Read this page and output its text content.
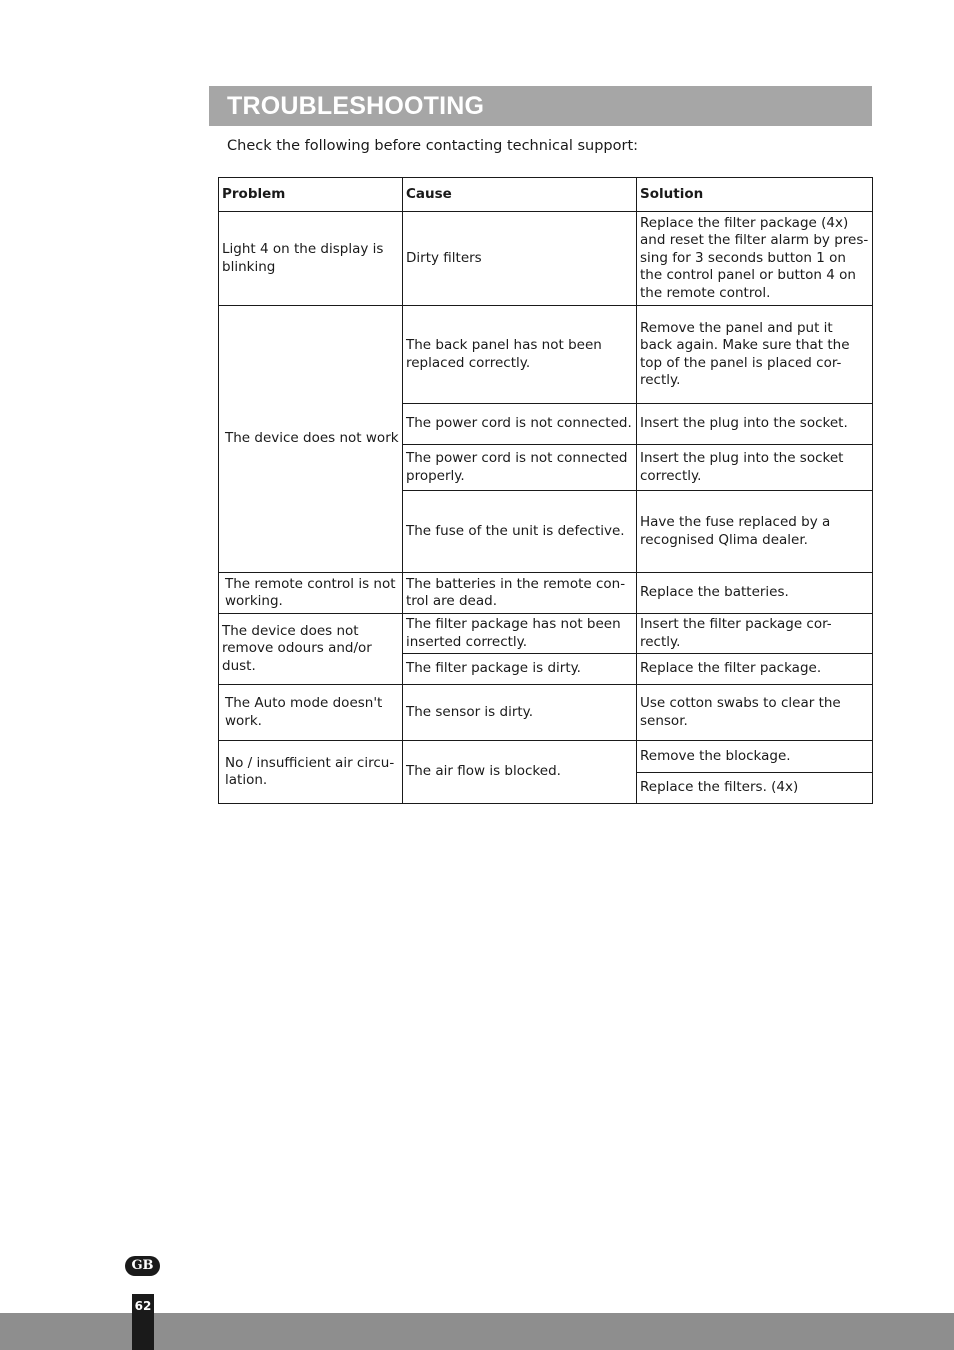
TROUBLESHOOTING

Check the following before contacting technical support:

Problem	Cause	Solution
Light 4 on the display is blinking	Dirty filters	Replace the filter package (4x) and reset the filter alarm by pres-sing for 3 seconds button 1 on the control panel or button 4 on the remote control.
The device does not work	The back panel has not been replaced correctly.	Remove the panel and put it back again. Make sure that the top of the panel is placed cor-rectly.
	The power cord is not connected.	Insert the plug into the socket.
	The power cord is not connected properly.	Insert the plug into the socket correctly.
	The fuse of the unit is defective.	Have the fuse replaced by a recognised Qlima dealer.
The remote control is not working.	The batteries in the remote con-trol are dead.	Replace the batteries.
The device does not remove odours and/or dust.	The filter package has not been inserted correctly.	Insert the filter package cor-rectly.
	The filter package is dirty.	Replace the filter package.
The Auto mode doesn't work.	The sensor is dirty.	Use cotton swabs to clear the sensor.
No / insufficient air circu-lation.	The air flow is blocked.	Remove the blockage.
		Replace the filters. (4x)
GB
62
